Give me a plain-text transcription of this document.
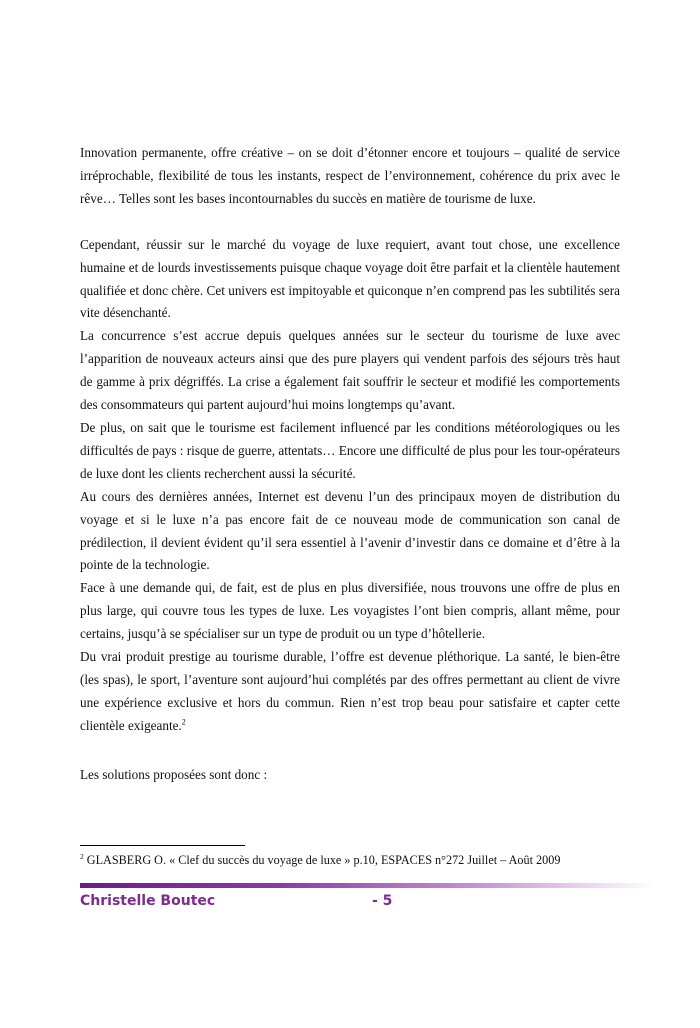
Innovation permanente, offre créative – on se doit d’étonner encore et toujours – qualité de service irréprochable, flexibilité de tous les instants, respect de l’environnement, cohérence du prix avec le rêve… Telles sont les bases incontournables du succès en matière de tourisme de luxe.

Cependant, réussir sur le marché du voyage de luxe requiert, avant tout chose, une excellence humaine et de lourds investissements puisque chaque voyage doit être parfait et la clientèle hautement qualifiée et donc chère. Cet univers est impitoyable et quiconque n’en comprend pas les subtilités sera vite désenchanté.

La concurrence s’est accrue depuis quelques années sur le secteur du tourisme de luxe avec l’apparition de nouveaux acteurs ainsi que des pure players qui vendent parfois des séjours très haut de gamme à prix dégriffés. La crise a également fait souffrir le secteur et modifié les comportements des consommateurs qui partent aujourd’hui moins longtemps qu’avant.

De plus, on sait que le tourisme est facilement influencé par les conditions météorologiques ou les difficultés de pays : risque de guerre, attentats… Encore une difficulté de plus pour les tour-opérateurs de luxe dont les clients recherchent aussi la sécurité.

Au cours des dernières années, Internet est devenu l’un des principaux moyen de distribution du voyage et si le luxe n’a pas encore fait de ce nouveau mode de communication son canal de prédilection, il devient évident qu’il sera essentiel à l’avenir d’investir dans ce domaine et d’être à la pointe de la technologie.

Face à une demande qui, de fait, est de plus en plus diversifiée, nous trouvons une offre de plus en plus large, qui couvre tous les types de luxe. Les voyagistes l’ont bien compris, allant même, pour certains, jusqu’à se spécialiser sur un type de produit ou un type d’hôtellerie.

Du vrai produit prestige au tourisme durable, l’offre est devenue pléthorique. La santé, le bien-être (les spas), le sport, l’aventure sont aujourd’hui complétés par des offres permettant au client de vivre une expérience exclusive et hors du commun. Rien n’est trop beau pour satisfaire et capter cette clientèle exigeante.$^2$

Les solutions proposées sont donc :

$^2$ GLASBERG O. « Clef du succès du voyage de luxe » p.10, ESPACES n°272 Juillet – Août 2009
Christelle Boutec	- 5
